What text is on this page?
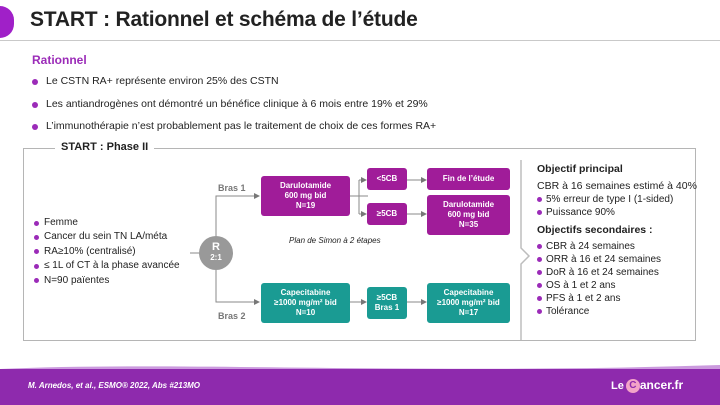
START : Rationnel et schéma de l’étude
Rationnel
Le CSTN RA+ représente environ 25% des CSTN
Les antiandrogènes ont démontré un bénéfice clinique à 6 mois entre 19% et 29%
L’immunothérapie n’est probablement pas le traitement de choix de ces formes RA+
START : Phase II
Femme
Cancer du sein TN LA/méta
RA≥10% (centralisé)
≤ 1L of CT à la phase avancée
N=90 païentes
R
2:1
Bras 1
Bras 2
Darulotamide
600 mg bid
N=19
<5CB
≥5CB
Fin de l’étude
Darulotamide
600 mg bid
N=35
Plan de Simon à 2 étapes
Capecitabine
≥1000 mg/m² bid
N=10
≥5CB
Bras 1
Capecitabine
≥1000 mg/m² bid
N=17
Objectif principal
CBR à 16 semaines estimé à 40%
5% erreur de type I (1-sided)
Puissance 90%
Objectifs secondaires :
CBR à 24 semaines
ORR à 16 et 24 semaines
DoR à 16 et 24 semaines
OS à 1 et 2 ans
PFS à 1 et 2 ans
Tolérance
M. Arnedos, et al., ESMO® 2022, Abs #213MO	Le C ancer.fr
